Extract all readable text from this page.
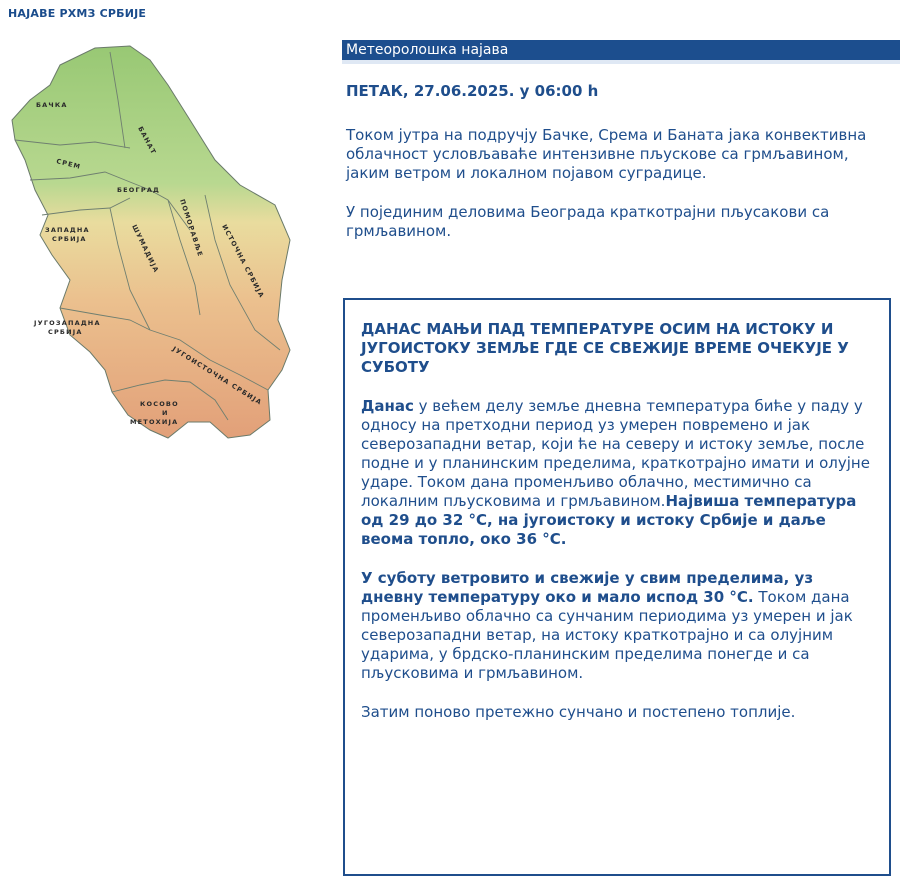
НАЈАВЕ РХМЗ СРБИЈЕ
БАЧКА
БАНАТ
СРЕМ
БЕОГРАД
ЗАПАДНА
СРБИЈА	ШУМАДИЈА	ПОМОРАВЉЕ ИСТОЧНА СРБИЈА
ЈУГОЗАПАДНА
СРБИЈА
ЈУГОИСТОЧНА СРБИЈА
КОСОВО
И
МЕТОХИЈА
Метеоролошка најава
ПЕТАК, 27.06.2025. у 06:00 h

Током јутра на подручју Бачке, Срема и Баната јака конвективна облачност условљаваће интензивне пљускове са грмљавином, јаким ветром и локалном појавом суградице.

У појединим деловима Београда краткотрајни пљусакови са грмљавином.

ДАНАС МАЊИ ПАД ТЕМПЕРАТУРЕ ОСИМ НА ИСТОКУ И ЈУГОИСТОКУ ЗЕМЉЕ ГДЕ СЕ СВЕЖИЈЕ ВРЕМЕ ОЧЕКУЈЕ У СУБОТУ

Данас у већем делу земље дневна температура биће у паду у односу на претходни период уз умерен повремено и јак северозападни ветар, који ће на северу и истоку земље, после подне и у планинским пределима, краткотрајно имати и олујне ударе. Током дана променљиво облачно, местимично са локалним пљусковима и грмљавином.Највиша температура од 29 до 32 °C, на југоистоку и истоку Србије и даље веома топло, око 36 °C.

У суботу ветровито и свежије у свим пределима, уз дневну температуру око и мало испод 30 °C. Током дана променљиво облачно са сунчаним периодима уз умерен и јак северозападни ветар, на истоку краткотрајно и са олујним ударима, у брдско-планинским пределима понегде и са пљусковима и грмљавином.

Затим поново претежно сунчано и постепено топлије.
